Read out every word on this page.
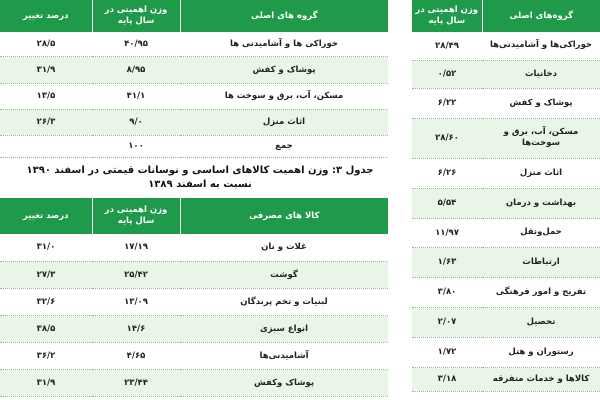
گروه های اصلی	وزن اهمیتی در سال پایه	درصد تغییر
خوراکی ها و آشامیدنی ها	۴۰/۹۵	۲۸/۵
پوشاک و کفش	۸/۹۵	۳۱/۹
مسکن، آب، برق و سوخت ها	۴۱/۱	۱۳/۵
اثاث منزل	۹/۰	۲۶/۳
جمع	۱۰۰	
جدول ۳: وزن اهمیت کالاهای اساسی و نوسانات قیمتی در اسفند ۱۳۹۰
نسبت به اسفند ۱۳۸۹
کالا های مصرفی	وزن اهمیتی در سال پایه	درصد تغییر
غلات و نان	۱۷/۱۹	۳۱/۰
گوشت	۲۵/۴۲	۲۷/۳
لبنیات و تخم پرندگان	۱۳/۰۹	۳۲/۶
انواع سبزی	۱۴/۶	۳۸/۵
آشامیدنی‌ها	۴/۶۵	۳۶/۲
پوشاک وکفش	۲۳/۴۴	۳۱/۹
گروه‌های اصلی	وزن اهمیتی در سال پایه
خوراکی‌ها و آشامیدنی‌ها	۲۸/۴۹
دخانیات	۰/۵۲
پوشاک و کفش	۶/۲۲
مسکن، آب، برق و سوخت‌ها	۲۸/۶۰
اثاث منزل	۶/۲۶
بهداشت و درمان	۵/۵۴
حمل‌ونقل	۱۱/۹۷
ارتباطات	۱/۶۳
تفریح و امور فرهنگی	۳/۸۰
تحصیل	۲/۰۷
رستوران و هتل	۱/۷۲
کالاها و خدمات متفرقه	۳/۱۸
